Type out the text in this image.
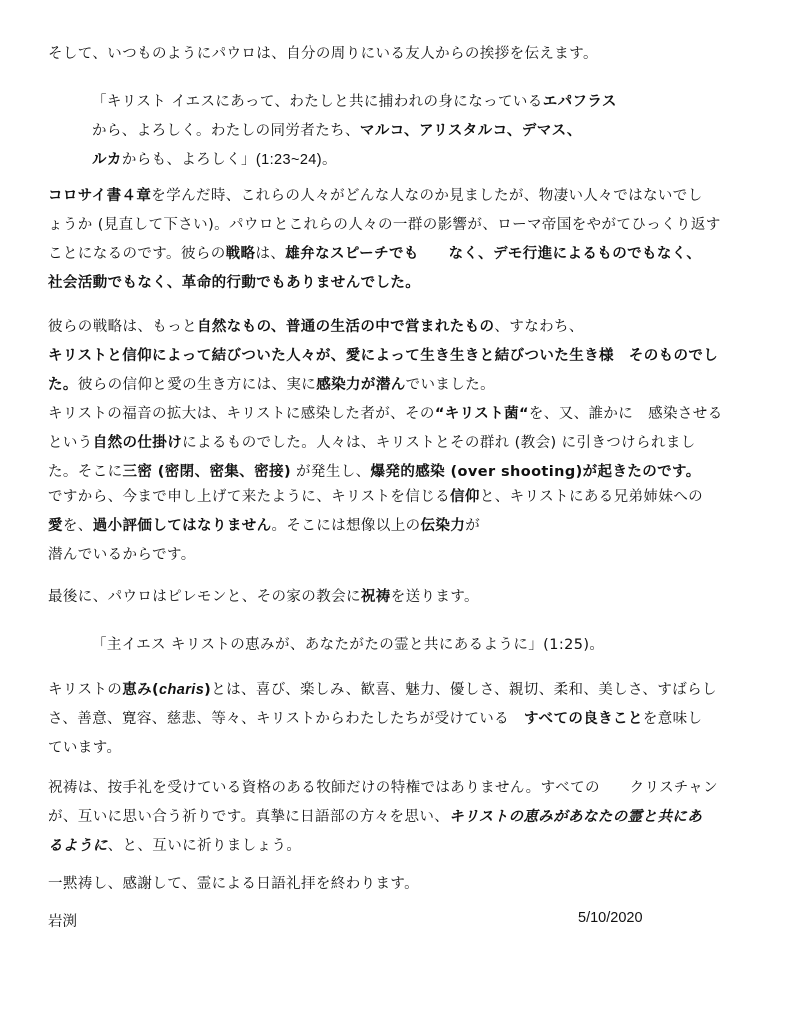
そして、いつものようにパウロは、自分の周りにいる友人からの挨拶を伝えます。
「キリスト イエスにあって、わたしと共に捕われの身になっているエパフラス
から、よろしく。わたしの同労者たち、マルコ、アリスタルコ、デマス、
ルカからも、よろしく」(1:23~24)。
コロサイ書４章を学んだ時、これらの人々がどんな人なのか見ましたが、物凄い人々ではないでし
ょうか (見直して下さい)。パウロとこれらの人々の一群の影響が、ローマ帝国をやがてひっくり返す
ことになるのです。彼らの戦略は、雄弁なスピーチでも　　なく、デモ行進によるものでもなく、
社会活動でもなく、革命的行動でもありませんでした。
彼らの戦略は、もっと自然なもの、普通の生活の中で営まれたもの、すなわち、
キリストと信仰によって結びついた人々が、愛によって生き生きと結びついた生き様　そのものでし
た。彼らの信仰と愛の生き方には、実に感染力が潜んでいました。
キリストの福音の拡大は、キリストに感染した者が、その“キリスト菌“を、又、誰かに　感染させる
という自然の仕掛けによるものでした。人々は、キリストとその群れ (教会) に引きつけられまし
た。そこに三密 (密閉、密集、密接) が発生し、爆発的感染 (over shooting)が起きたのです。
ですから、今まで申し上げて来たように、キリストを信じる信仰と、キリストにある兄弟姉妹への
愛を、過小評価してはなりません。そこには想像以上の伝染力が
潜んでいるからです。
最後に、パウロはピレモンと、その家の教会に祝祷を送ります。
「主イエス キリストの恵みが、あなたがたの霊と共にあるように」(1:25)。
キリストの恵み(charis)とは、喜び、楽しみ、歓喜、魅力、優しさ、親切、柔和、美しさ、すばらし
さ、善意、寛容、慈悲、等々、キリストからわたしたちが受けている　すべての良きことを意味し
ています。
祝祷は、按手礼を受けている資格のある牧師だけの特権ではありません。すべての　　クリスチャン
が、互いに思い合う祈りです。真摯に日語部の方々を思い、キリストの恵みがあなたの霊と共にあ
るように、と、互いに祈りましょう。
一黙祷し、感謝して、霊による日語礼拝を終わります。
岩渕	5/10/2020
